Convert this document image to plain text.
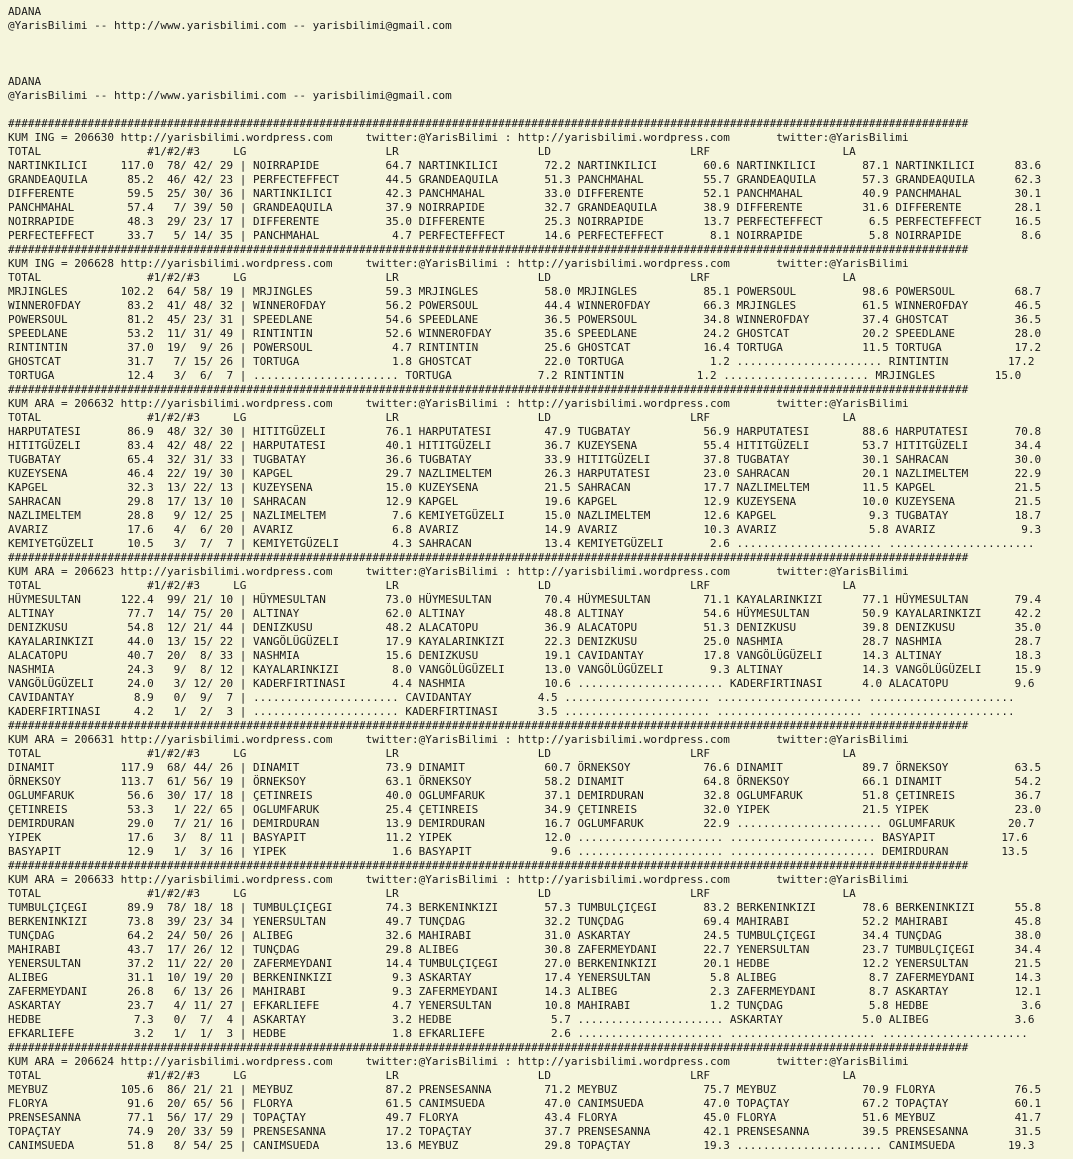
ADANA
@YarisBilimi -- http://www.yarisbilimi.com -- yarisbilimi@gmail.com
ADANA
@YarisBilimi -- http://www.yarisbilimi.com -- yarisbilimi@gmail.com
#################################################################################################################################################
KUM ING = 206630 http://yarisbilimi.wordpress.com     twitter:@YarisBilimi : http://yarisbilimi.wordpress.com       twitter:@YarisBilimi
TOTAL                #1/#2/#3     LG                     LR                     LD                     LRF                    LA
NARTINKILICI     117.0  78/ 42/ 29 | NOIRRAPIDE          64.7 NARTINKILICI       72.2 NARTINKILICI       60.6 NARTINKILICI       87.1 NARTINKILICI      83.6
GRANDEAQUILA      85.2  46/ 42/ 23 | PERFECTEFFECT       44.5 GRANDEAQUILA       51.3 PANCHMAHAL         55.7 GRANDEAQUILA       57.3 GRANDEAQUILA      62.3
DIFFERENTE        59.5  25/ 30/ 36 | NARTINKILICI        42.3 PANCHMAHAL         33.0 DIFFERENTE         52.1 PANCHMAHAL         40.9 PANCHMAHAL        30.1
PANCHMAHAL        57.4   7/ 39/ 50 | GRANDEAQUILA        37.9 NOIRRAPIDE         32.7 GRANDEAQUILA       38.9 DIFFERENTE         31.6 DIFFERENTE        28.1
NOIRRAPIDE        48.3  29/ 23/ 17 | DIFFERENTE          35.0 DIFFERENTE         25.3 NOIRRAPIDE         13.7 PERFECTEFFECT       6.5 PERFECTEFFECT     16.5
PERFECTEFFECT     33.7   5/ 14/ 35 | PANCHMAHAL           4.7 PERFECTEFFECT      14.6 PERFECTEFFECT       8.1 NOIRRAPIDE          5.8 NOIRRAPIDE         8.6
#################################################################################################################################################
KUM ING = 206628 http://yarisbilimi.wordpress.com     twitter:@YarisBilimi : http://yarisbilimi.wordpress.com       twitter:@YarisBilimi
TOTAL                #1/#2/#3     LG                     LR                     LD                     LRF                    LA
MRJINGLES        102.2  64/ 58/ 19 | MRJINGLES           59.3 MRJINGLES          58.0 MRJINGLES          85.1 POWERSOUL          98.6 POWERSOUL         68.7
WINNEROFDAY       83.2  41/ 48/ 32 | WINNEROFDAY         56.2 POWERSOUL          44.4 WINNEROFDAY        66.3 MRJINGLES          61.5 WINNEROFDAY       46.5
POWERSOUL         81.2  45/ 23/ 31 | SPEEDLANE           54.6 SPEEDLANE          36.5 POWERSOUL          34.8 WINNEROFDAY        37.4 GHOSTCAT          36.5
SPEEDLANE         53.2  11/ 31/ 49 | RINTINTIN           52.6 WINNEROFDAY        35.6 SPEEDLANE          24.2 GHOSTCAT           20.2 SPEEDLANE         28.0
RINTINTIN         37.0  19/  9/ 26 | POWERSOUL            4.7 RINTINTIN          25.6 GHOSTCAT           16.4 TORTUGA            11.5 TORTUGA           17.2
GHOSTCAT          31.7   7/ 15/ 26 | TORTUGA              1.8 GHOSTCAT           22.0 TORTUGA             1.2 ...................... RINTINTIN         17.2
TORTUGA           12.4   3/  6/  7 | ...................... TORTUGA             7.2 RINTINTIN           1.2 ...................... MRJINGLES         15.0
#################################################################################################################################################
KUM ARA = 206632 http://yarisbilimi.wordpress.com     twitter:@YarisBilimi : http://yarisbilimi.wordpress.com       twitter:@YarisBilimi
TOTAL                #1/#2/#3     LG                     LR                     LD                     LRF                    LA
HARPUTATESI       86.9  48/ 32/ 30 | HITITGÜZELI         76.1 HARPUTATESI        47.9 TUGBATAY           56.9 HARPUTATESI        88.6 HARPUTATESI       70.8
HITITGÜZELI       83.4  42/ 48/ 22 | HARPUTATESI         40.1 HITITGÜZELI        36.7 KUZEYSENA          55.4 HITITGÜZELI        53.7 HITITGÜZELI       34.4
TUGBATAY          65.4  32/ 31/ 33 | TUGBATAY            36.6 TUGBATAY           33.9 HITITGÜZELI        37.8 TUGBATAY           30.1 SAHRACAN          30.0
KUZEYSENA         46.4  22/ 19/ 30 | KAPGEL              29.7 NAZLIMELTEM        26.3 HARPUTATESI        23.0 SAHRACAN           20.1 NAZLIMELTEM       22.9
KAPGEL            32.3  13/ 22/ 13 | KUZEYSENA           15.0 KUZEYSENA          21.5 SAHRACAN           17.7 NAZLIMELTEM        11.5 KAPGEL            21.5
SAHRACAN          29.8  17/ 13/ 10 | SAHRACAN            12.9 KAPGEL             19.6 KAPGEL             12.9 KUZEYSENA          10.0 KUZEYSENA         21.5
NAZLIMELTEM       28.8   9/ 12/ 25 | NAZLIMELTEM          7.6 KEMIYETGÜZELI      15.0 NAZLIMELTEM        12.6 KAPGEL              9.3 TUGBATAY          18.7
AVARIZ            17.6   4/  6/ 20 | AVARIZ               6.8 AVARIZ             14.9 AVARIZ             10.3 AVARIZ              5.8 AVARIZ             9.3
KEMIYETGÜZELI     10.5   3/  7/  7 | KEMIYETGÜZELI        4.3 SAHRACAN           13.4 KEMIYETGÜZELI       2.6 ...................... ......................
#################################################################################################################################################
KUM ARA = 206623 http://yarisbilimi.wordpress.com     twitter:@YarisBilimi : http://yarisbilimi.wordpress.com       twitter:@YarisBilimi
TOTAL                #1/#2/#3     LG                     LR                     LD                     LRF                    LA
HÜYMESULTAN      122.4  99/ 21/ 10 | HÜYMESULTAN         73.0 HÜYMESULTAN        70.4 HÜYMESULTAN        71.1 KAYALARINKIZI      77.1 HÜYMESULTAN       79.4
ALTINAY           77.7  14/ 75/ 20 | ALTINAY             62.0 ALTINAY            48.8 ALTINAY            54.6 HÜYMESULTAN        50.9 KAYALARINKIZI     42.2
DENIZKUSU         54.8  12/ 21/ 44 | DENIZKUSU           48.2 ALACATOPU          36.9 ALACATOPU          51.3 DENIZKUSU          39.8 DENIZKUSU         35.0
KAYALARINKIZI     44.0  13/ 15/ 22 | VANGÖLÜGÜZELI       17.9 KAYALARINKIZI      22.3 DENIZKUSU          25.0 NASHMIA            28.7 NASHMIA           28.7
ALACATOPU         40.7  20/  8/ 33 | NASHMIA             15.6 DENIZKUSU          19.1 CAVIDANTAY         17.8 VANGÖLÜGÜZELI      14.3 ALTINAY           18.3
NASHMIA           24.3   9/  8/ 12 | KAYALARINKIZI        8.0 VANGÖLÜGÜZELI      13.0 VANGÖLÜGÜZELI       9.3 ALTINAY            14.3 VANGÖLÜGÜZELI     15.9
VANGÖLÜGÜZELI     24.0   3/ 12/ 20 | KADERFIRTINASI       4.4 NASHMIA            10.6 ...................... KADERFIRTINASI      4.0 ALACATOPU          9.6
CAVIDANTAY         8.9   0/  9/  7 | ...................... CAVIDANTAY          4.5 ...................... ...................... ......................
KADERFIRTINASI     4.2   1/  2/  3 | ...................... KADERFIRTINASI      3.5 ...................... ...................... ......................
#################################################################################################################################################
KUM ARA = 206631 http://yarisbilimi.wordpress.com     twitter:@YarisBilimi : http://yarisbilimi.wordpress.com       twitter:@YarisBilimi
TOTAL                #1/#2/#3     LG                     LR                     LD                     LRF                    LA
DINAMIT          117.9  68/ 44/ 26 | DINAMIT             73.9 DINAMIT            60.7 ÖRNEKSOY           76.6 DINAMIT            89.7 ÖRNEKSOY          63.5
ÖRNEKSOY         113.7  61/ 56/ 19 | ÖRNEKSOY            63.1 ÖRNEKSOY           58.2 DINAMIT            64.8 ÖRNEKSOY           66.1 DINAMIT           54.2
OGLUMFARUK        56.6  30/ 17/ 18 | ÇETINREIS           40.0 OGLUMFARUK         37.1 DEMIRDURAN         32.8 OGLUMFARUK         51.8 ÇETINREIS         36.7
ÇETINREIS         53.3   1/ 22/ 65 | OGLUMFARUK          25.4 ÇETINREIS          34.9 ÇETINREIS          32.0 YIPEK              21.5 YIPEK             23.0
DEMIRDURAN        29.0   7/ 21/ 16 | DEMIRDURAN          13.9 DEMIRDURAN         16.7 OGLUMFARUK         22.9 ...................... OGLUMFARUK        20.7
YIPEK             17.6   3/  8/ 11 | BASYAPIT            11.2 YIPEK              12.0 ...................... ...................... BASYAPIT          17.6
BASYAPIT          12.9   1/  3/ 16 | YIPEK                1.6 BASYAPIT            9.6 ...................... ...................... DEMIRDURAN        13.5
#################################################################################################################################################
KUM ARA = 206633 http://yarisbilimi.wordpress.com     twitter:@YarisBilimi : http://yarisbilimi.wordpress.com       twitter:@YarisBilimi
TOTAL                #1/#2/#3     LG                     LR                     LD                     LRF                    LA
TUMBULÇIÇEGI      89.9  78/ 18/ 18 | TUMBULÇIÇEGI        74.3 BERKENINKIZI       57.3 TUMBULÇIÇEGI       83.2 BERKENINKIZI       78.6 BERKENINKIZI      55.8
BERKENINKIZI      73.8  39/ 23/ 34 | YENERSULTAN         49.7 TUNÇDAG            32.2 TUNÇDAG            69.4 MAHIRABI           52.2 MAHIRABI          45.8
TUNÇDAG           64.2  24/ 50/ 26 | ALIBEG              32.6 MAHIRABI           31.0 ASKARTAY           24.5 TUMBULÇIÇEGI       34.4 TUNÇDAG           38.0
MAHIRABI          43.7  17/ 26/ 12 | TUNÇDAG             29.8 ALIBEG             30.8 ZAFERMEYDANI       22.7 YENERSULTAN        23.7 TUMBULÇIÇEGI      34.4
YENERSULTAN       37.2  11/ 22/ 20 | ZAFERMEYDANI        14.4 TUMBULÇIÇEGI       27.0 BERKENINKIZI       20.1 HEDBE              12.2 YENERSULTAN       21.5
ALIBEG            31.1  10/ 19/ 20 | BERKENINKIZI         9.3 ASKARTAY           17.4 YENERSULTAN         5.8 ALIBEG              8.7 ZAFERMEYDANI      14.3
ZAFERMEYDANI      26.8   6/ 13/ 26 | MAHIRABI             9.3 ZAFERMEYDANI       14.3 ALIBEG              2.3 ZAFERMEYDANI        8.7 ASKARTAY          12.1
ASKARTAY          23.7   4/ 11/ 27 | EFKARLIEFE           4.7 YENERSULTAN        10.8 MAHIRABI            1.2 TUNÇDAG             5.8 HEDBE              3.6
HEDBE              7.3   0/  7/  4 | ASKARTAY             3.2 HEDBE               5.7 ...................... ASKARTAY            5.0 ALIBEG             3.6
EFKARLIEFE         3.2   1/  1/  3 | HEDBE                1.8 EFKARLIEFE          2.6 ...................... ...................... ......................
#################################################################################################################################################
KUM ARA = 206624 http://yarisbilimi.wordpress.com     twitter:@YarisBilimi : http://yarisbilimi.wordpress.com       twitter:@YarisBilimi
TOTAL                #1/#2/#3     LG                     LR                     LD                     LRF                    LA
MEYBUZ           105.6  86/ 21/ 21 | MEYBUZ              87.2 PRENSESANNA        71.2 MEYBUZ             75.7 MEYBUZ             70.9 FLORYA            76.5
FLORYA            91.6  20/ 65/ 56 | FLORYA              61.5 CANIMSUEDA         47.0 CANIMSUEDA         47.0 TOPAÇTAY           67.2 TOPAÇTAY          60.1
PRENSESANNA       77.1  56/ 17/ 29 | TOPAÇTAY            49.7 FLORYA             43.4 FLORYA             45.0 FLORYA             51.6 MEYBUZ            41.7
TOPAÇTAY          74.9  20/ 33/ 59 | PRENSESANNA         17.2 TOPAÇTAY           37.7 PRENSESANNA        42.1 PRENSESANNA        39.5 PRENSESANNA       31.5
CANIMSUEDA        51.8   8/ 54/ 25 | CANIMSUEDA          13.6 MEYBUZ             29.8 TOPAÇTAY           19.3 ...................... CANIMSUEDA        19.3
